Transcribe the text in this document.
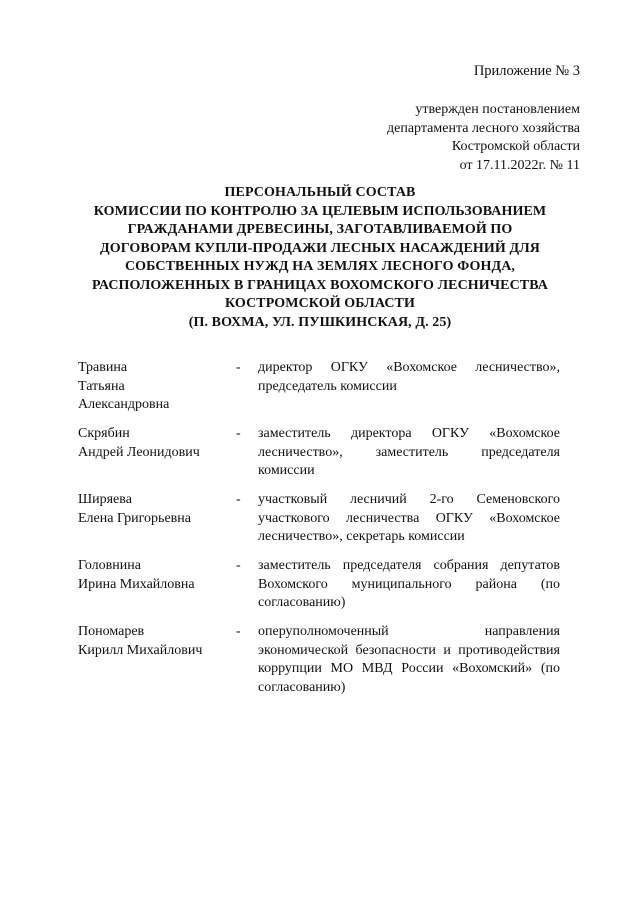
Приложение № 3
утвержден постановлением
департамента лесного хозяйства
Костромской области
от 17.11.2022г. № 11
ПЕРСОНАЛЬНЫЙ СОСТАВ
КОМИССИИ ПО КОНТРОЛЮ ЗА ЦЕЛЕВЫМ ИСПОЛЬЗОВАНИЕМ
ГРАЖДАНАМИ ДРЕВЕСИНЫ, ЗАГОТАВЛИВАЕМОЙ ПО
ДОГОВОРАМ КУПЛИ-ПРОДАЖИ ЛЕСНЫХ НАСАЖДЕНИЙ ДЛЯ
СОБСТВЕННЫХ НУЖД НА ЗЕМЛЯХ ЛЕСНОГО ФОНДА,
РАСПОЛОЖЕННЫХ В ГРАНИЦАХ ВОХОМСКОГО ЛЕСНИЧЕСТВА
КОСТРОМСКОЙ ОБЛАСТИ
(П. ВОХМА, УЛ. ПУШКИНСКАЯ, Д. 25)
Травина
Татьяна
Александровна
-	директор ОГКУ «Вохомское лесничество», председатель комиссии
Скрябин
Андрей Леонидович
-	заместитель директора ОГКУ «Вохомское лесничество», заместитель председателя комиссии
Ширяева
Елена Григорьевна
-	участковый лесничий 2-го Семеновского участкового лесничества ОГКУ «Вохомское лесничество», секретарь комиссии
Головнина
Ирина Михайловна
-	заместитель председателя собрания депутатов Вохомского муниципального района (по согласованию)
Пономарев
Кирилл Михайлович
-	оперуполномоченный направления экономической безопасности и противодействия коррупции МО МВД России «Вохомский» (по согласованию)
